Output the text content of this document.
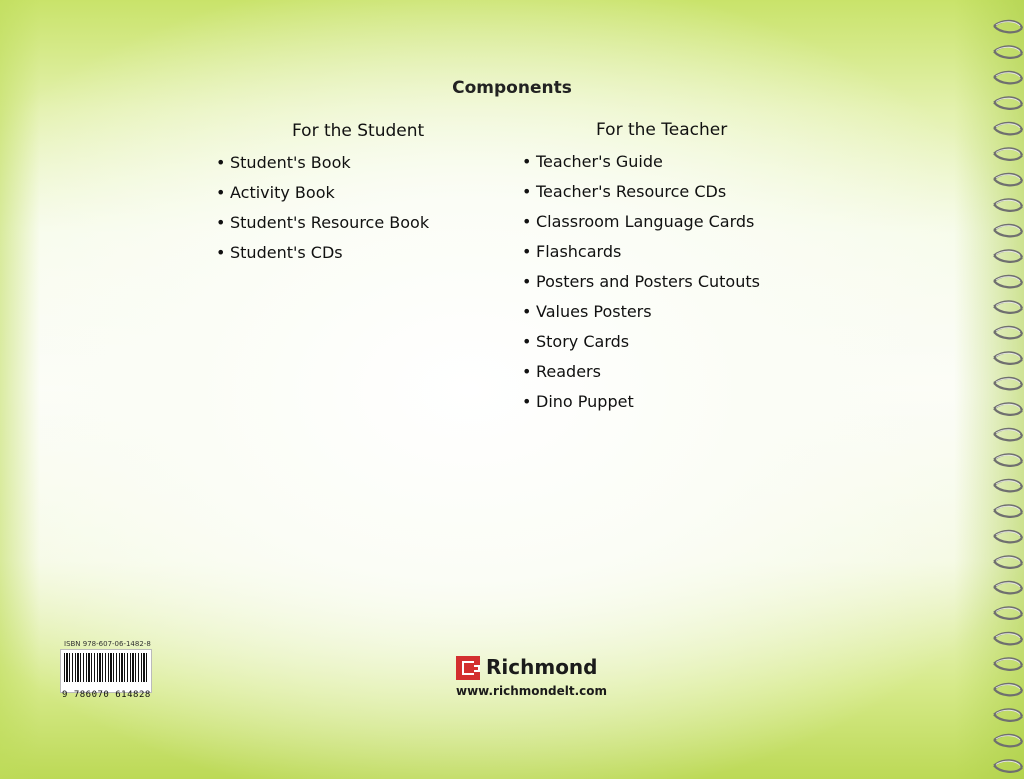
Components
For the Student
• Student's Book
• Activity Book
• Student's Resource Book
• Student's CDs
For the Teacher
• Teacher's Guide
• Teacher's Resource CDs
• Classroom Language Cards
• Flashcards
• Posters and Posters Cutouts
• Values Posters
• Story Cards
• Readers
• Dino Puppet
ISBN 978-607-06-1482-8
9 786070 614828
Richmond
www.richmondelt.com
